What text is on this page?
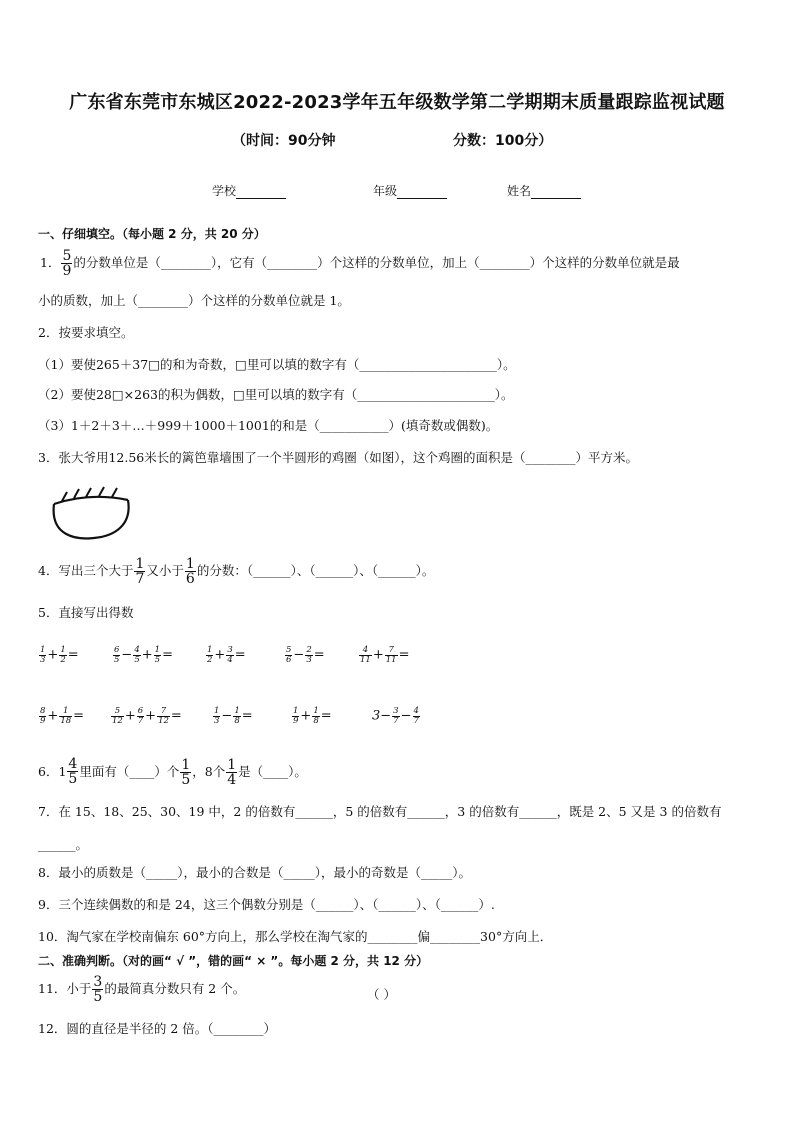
广东省东莞市东城区2022-2023学年五年级数学第二学期期末质量跟踪监视试题
（时间：90分钟	分数：100分）
学校	年级	姓名
一、仔细填空。（每小题 2 分，共 20 分）
1． $\frac{5}{9}$ 的分数单位是（________），它有（________）个这样的分数单位，加上（________）个这样的分数单位就是最
小的质数，加上（________）个这样的分数单位就是 1。
2．按要求填空。
（1）要使265＋37□的和为奇数，□里可以填的数字有（______________________）。
（2）要使28□×263的积为偶数，□里可以填的数字有（______________________）。
（3）1＋2＋3＋…＋999＋1000＋1001的和是（___________）(填奇数或偶数)。
3．张大爷用12.56米长的篱笆靠墙围了一个半圆形的鸡圈（如图），这个鸡圈的面积是（________）平方米。
4．写出三个大于 $\frac{1}{7}$ 又小于 $\frac{1}{6}$ 的分数：（______）、（______）、（______）。
5．直接写出得数
$\frac{1}{3} + \frac{1}{2}$ =	$\frac{6}{5} - \frac{4}{5} + \frac{1}{5}$ =	$\frac{1}{2} + \frac{3}{4}$ =	$\frac{5}{6} - \frac{2}{3}$ =	$\frac{4}{11} + \frac{7}{11}$ =
$\frac{8}{9} + \frac{1}{18}$ =	$\frac{5}{12} + \frac{6}{7} + \frac{7}{12}$ =	$\frac{1}{3} - \frac{1}{8}$ =	$\frac{1}{9} + \frac{1}{8}$ =	$3- \frac{3}{7} - \frac{4}{7}$
6． $1 \frac{4}{5}$ 里面有（____）个 $\frac{1}{5}$ ，8个 $\frac{1}{4}$ 是（____）。
7．在 15、18、25、30、19 中，2 的倍数有______，5 的倍数有______，3 的倍数有______，既是 2、5 又是 3 的倍数有
______。
8．最小的质数是（_____），最小的合数是（_____），最小的奇数是（_____）。
9．三个连续偶数的和是 24，这三个偶数分别是（______）、（______）、（______）.
10．淘气家在学校南偏东 60°方向上，那么学校在淘气家的________偏________30°方向上．
二、准确判断。（对的画“ √ ”，错的画“ × ”。每小题 2 分，共 12 分）
11．小于 $\frac{3}{5}$ 的最简真分数只有 2 个。	（ ）
12．圆的直径是半径的 2 倍。（________）
